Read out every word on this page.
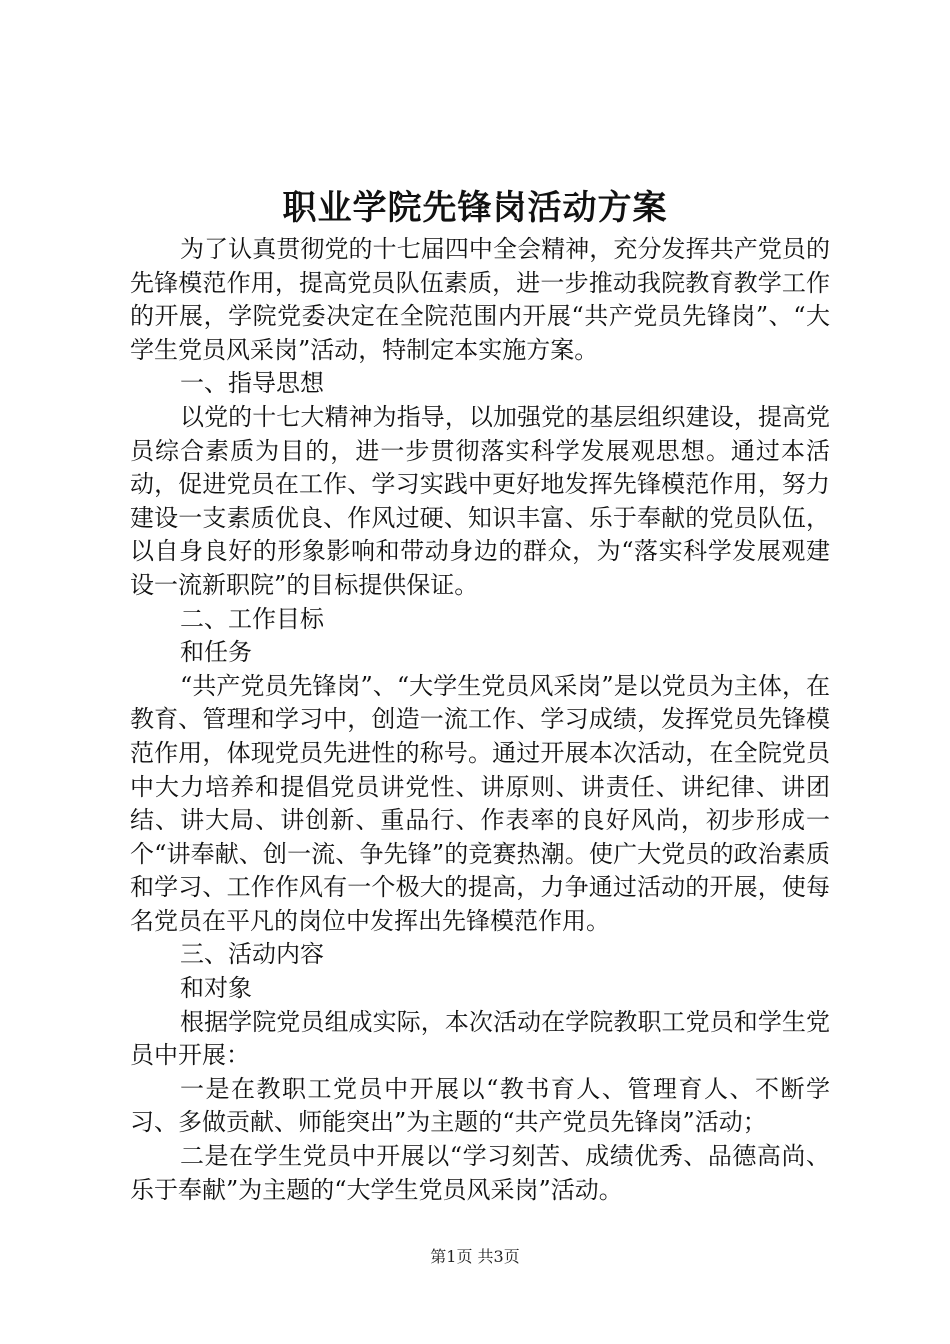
职业学院先锋岗活动方案

为了认真贯彻党的十七届四中全会精神，充分发挥共产党员的先锋模范作用，提高党员队伍素质，进一步推动我院教育教学工作的开展，学院党委决定在全院范围内开展“共产党员先锋岗”、“大学生党员风采岗”活动，特制定本实施方案。

一、指导思想

以党的十七大精神为指导，以加强党的基层组织建设，提高党员综合素质为目的，进一步贯彻落实科学发展观思想。通过本活动，促进党员在工作、学习实践中更好地发挥先锋模范作用，努力建设一支素质优良、作风过硬、知识丰富、乐于奉献的党员队伍，以自身良好的形象影响和带动身边的群众，为“落实科学发展观建设一流新职院”的目标提供保证。

二、工作目标

和任务

“共产党员先锋岗”、“大学生党员风采岗”是以党员为主体，在教育、管理和学习中，创造一流工作、学习成绩，发挥党员先锋模范作用，体现党员先进性的称号。通过开展本次活动，在全院党员中大力培养和提倡党员讲党性、讲原则、讲责任、讲纪律、讲团结、讲大局、讲创新、重品行、作表率的良好风尚，初步形成一个“讲奉献、创一流、争先锋”的竞赛热潮。使广大党员的政治素质和学习、工作作风有一个极大的提高，力争通过活动的开展，使每名党员在平凡的岗位中发挥出先锋模范作用。

三、活动内容

和对象

根据学院党员组成实际，本次活动在学院教职工党员和学生党员中开展：

一是在教职工党员中开展以“教书育人、管理育人、不断学习、多做贡献、师能突出”为主题的“共产党员先锋岗”活动；

二是在学生党员中开展以“学习刻苦、成绩优秀、品德高尚、乐于奉献”为主题的“大学生党员风采岗”活动。

第1页 共3页
